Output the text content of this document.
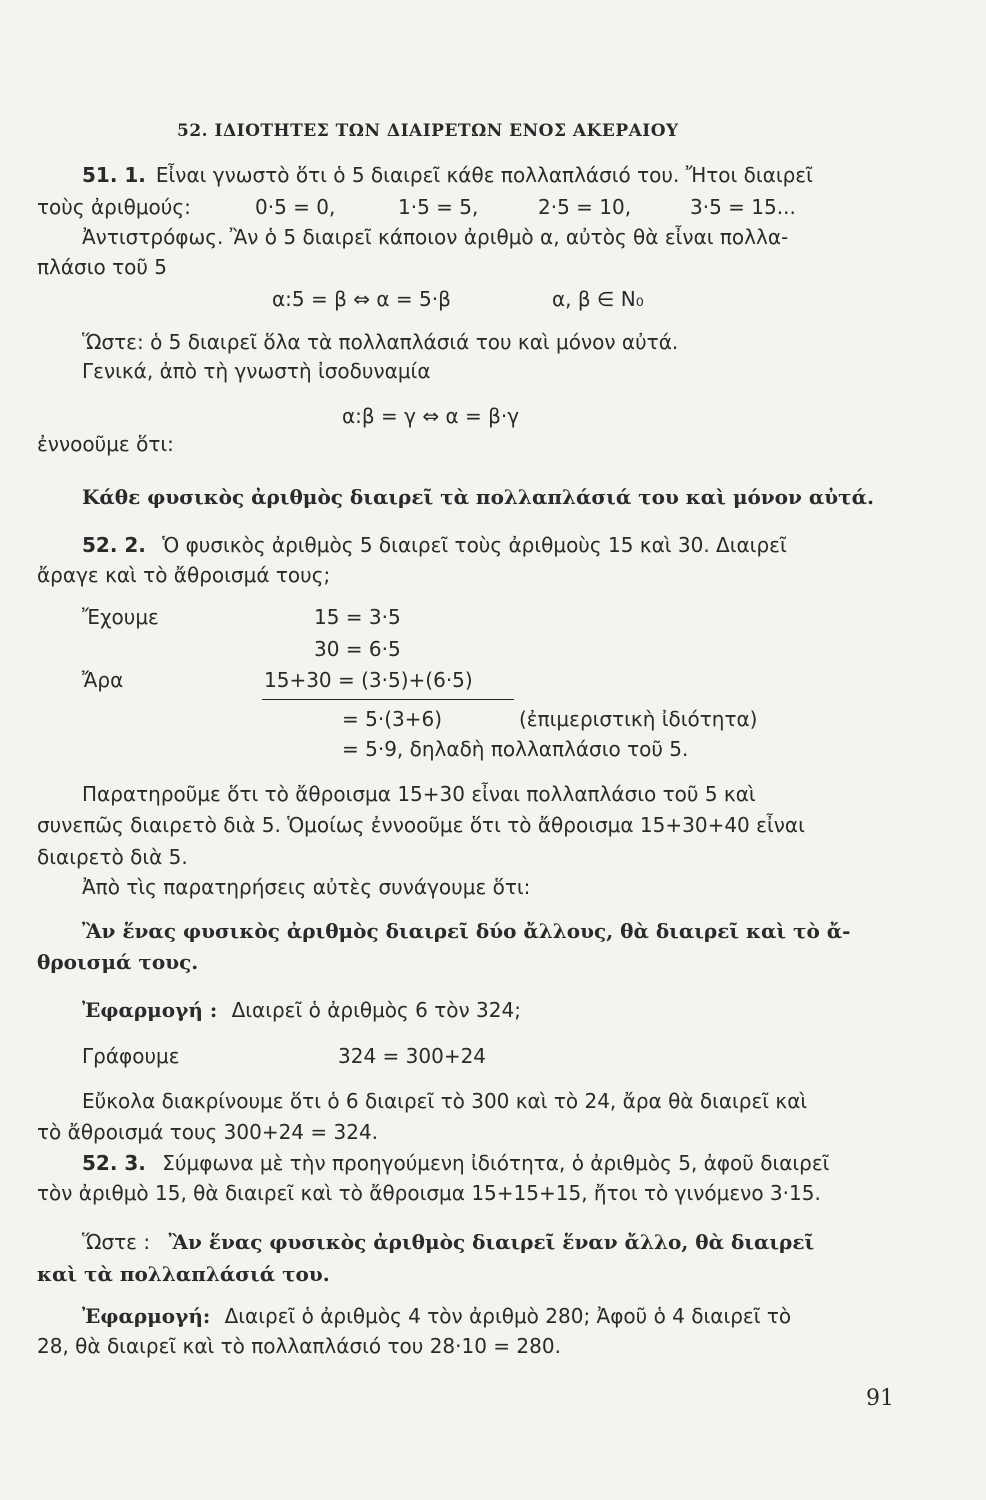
52. ΙΔΙΟΤΗΤΕΣ ΤΩΝ ΔΙΑΙΡΕΤΩΝ ΕΝΟΣ ΑΚΕΡΑΙΟΥ
51. 1. Εἶναι γνωστὸ ὅτι ὁ 5 διαιρεῖ κάθε πολλαπλάσιό του. Ἤτοι διαιρεῖ
τοὺς ἀριθμούς:	0·5 = 0,	1·5 = 5,	2·5 = 10,	3·5 = 15...
Ἀντιστρόφως. Ἂν ὁ 5 διαιρεῖ κάποιον ἀριθμὸ α, αὐτὸς θὰ εἶναι πολλα-
πλάσιο τοῦ 5
α:5 = β ⇔ α = 5·β	α, β ∈ N₀
Ὥστε: ὁ 5 διαιρεῖ ὅλα τὰ πολλαπλάσιά του καὶ μόνον αὐτά.
Γενικά, ἀπὸ τὴ γνωστὴ ἰσοδυναμία
α:β = γ ⇔ α = β·γ
ἐννοοῦμε ὅτι:
Κάθε φυσικὸς ἀριθμὸς διαιρεῖ τὰ πολλαπλάσιά του καὶ μόνον αὐτά.
52. 2. Ὁ φυσικὸς ἀριθμὸς 5 διαιρεῖ τοὺς ἀριθμοὺς 15 καὶ 30. Διαιρεῖ
ἄραγε καὶ τὸ ἄθροισμά τους;
Ἔχουμε	15 = 3·5
30 = 6·5
Ἄρα	15+30 = (3·5)+(6·5)
= 5·(3+6)	(ἐπιμεριστικὴ ἰδιότητα)
= 5·9, δηλαδὴ πολλαπλάσιο τοῦ 5.
Παρατηροῦμε ὅτι τὸ ἄθροισμα 15+30 εἶναι πολλαπλάσιο τοῦ 5 καὶ
συνεπῶς διαιρετὸ διὰ 5. Ὁμοίως ἐννοοῦμε ὅτι τὸ ἄθροισμα 15+30+40 εἶναι
διαιρετὸ διὰ 5.
Ἀπὸ τὶς παρατηρήσεις αὐτὲς συνάγουμε ὅτι:
Ἂν ἕνας φυσικὸς ἀριθμὸς διαιρεῖ δύο ἄλλους, θὰ διαιρεῖ καὶ τὸ ἄ-
θροισμά τους.
Ἐφαρμογή : Διαιρεῖ ὁ ἀριθμὸς 6 τὸν 324;
Γράφουμε	324 = 300+24
Εὔκολα διακρίνουμε ὅτι ὁ 6 διαιρεῖ τὸ 300 καὶ τὸ 24, ἄρα θὰ διαιρεῖ καὶ
τὸ ἄθροισμά τους 300+24 = 324.
52. 3. Σύμφωνα μὲ τὴν προηγούμενη ἰδιότητα, ὁ ἀριθμὸς 5, ἀφοῦ διαιρεῖ
τὸν ἀριθμὸ 15, θὰ διαιρεῖ καὶ τὸ ἄθροισμα 15+15+15, ἤτοι τὸ γινόμενο 3·15.
Ὥστε : Ἂν ἕνας φυσικὸς ἀριθμὸς διαιρεῖ ἕναν ἄλλο, θὰ διαιρεῖ
καὶ τὰ πολλαπλάσιά του.
Ἐφαρμογή: Διαιρεῖ ὁ ἀριθμὸς 4 τὸν ἀριθμὸ 280; Ἀφοῦ ὁ 4 διαιρεῖ τὸ
28, θὰ διαιρεῖ καὶ τὸ πολλαπλάσιό του 28·10 = 280.
91
